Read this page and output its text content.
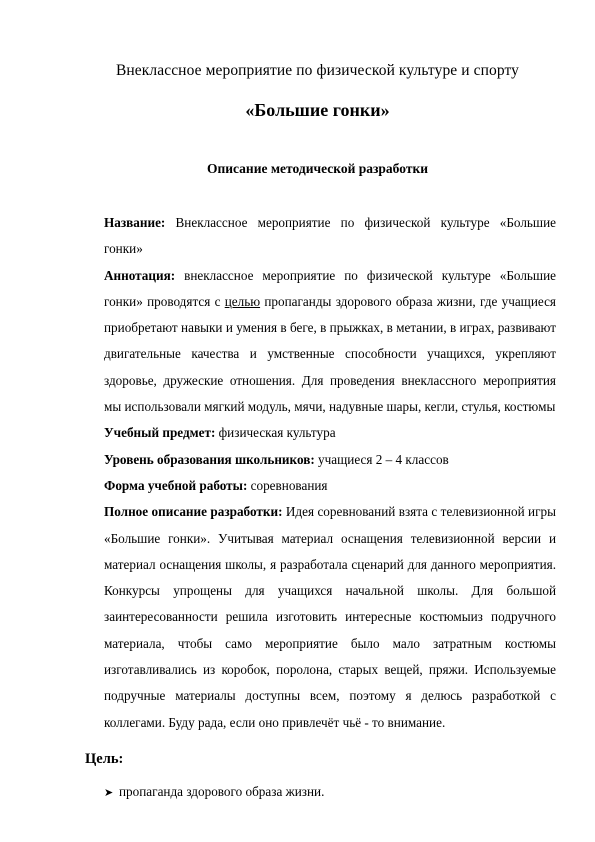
Внеклассное мероприятие по физической культуре и спорту
«Большие гонки»
Описание методической разработки

Название: Внеклассное мероприятие по физической культуре «Большие гонки»

Аннотация: внеклассное мероприятие по физической культуре «Большие гонки» проводятся с целью пропаганды здорового образа жизни, где учащиеся приобретают навыки и умения в беге, в прыжках, в метании, в играх, развивают двигательные качества и умственные способности учащихся, укрепляют здоровье, дружеские отношения. Для проведения внеклассного мероприятия мы использовали мягкий модуль, мячи, надувные шары, кегли, стулья, костюмы

Учебный предмет: физическая культура

Уровень образования школьников: учащиеся 2 – 4 классов

Форма учебной работы: соревнования

Полное описание разработки: Идея соревнований взята с телевизионной игры «Большие гонки». Учитывая материал оснащения телевизионной версии и материал оснащения школы, я разработала сценарий для данного мероприятия. Конкурсы упрощены для учащихся начальной школы. Для большой заинтересованности решила изготовить интересные костюмыиз подручного материала, чтобы само мероприятие было мало затратным костюмы изготавливались из коробок, поролона, старых вещей, пряжи. Используемые подручные материалы доступны всем, поэтому я делюсь разработкой с коллегами. Буду рада, если оно привлечёт чьё - то внимание.

Цель:
➤ пропаганда здорового образа жизни.
